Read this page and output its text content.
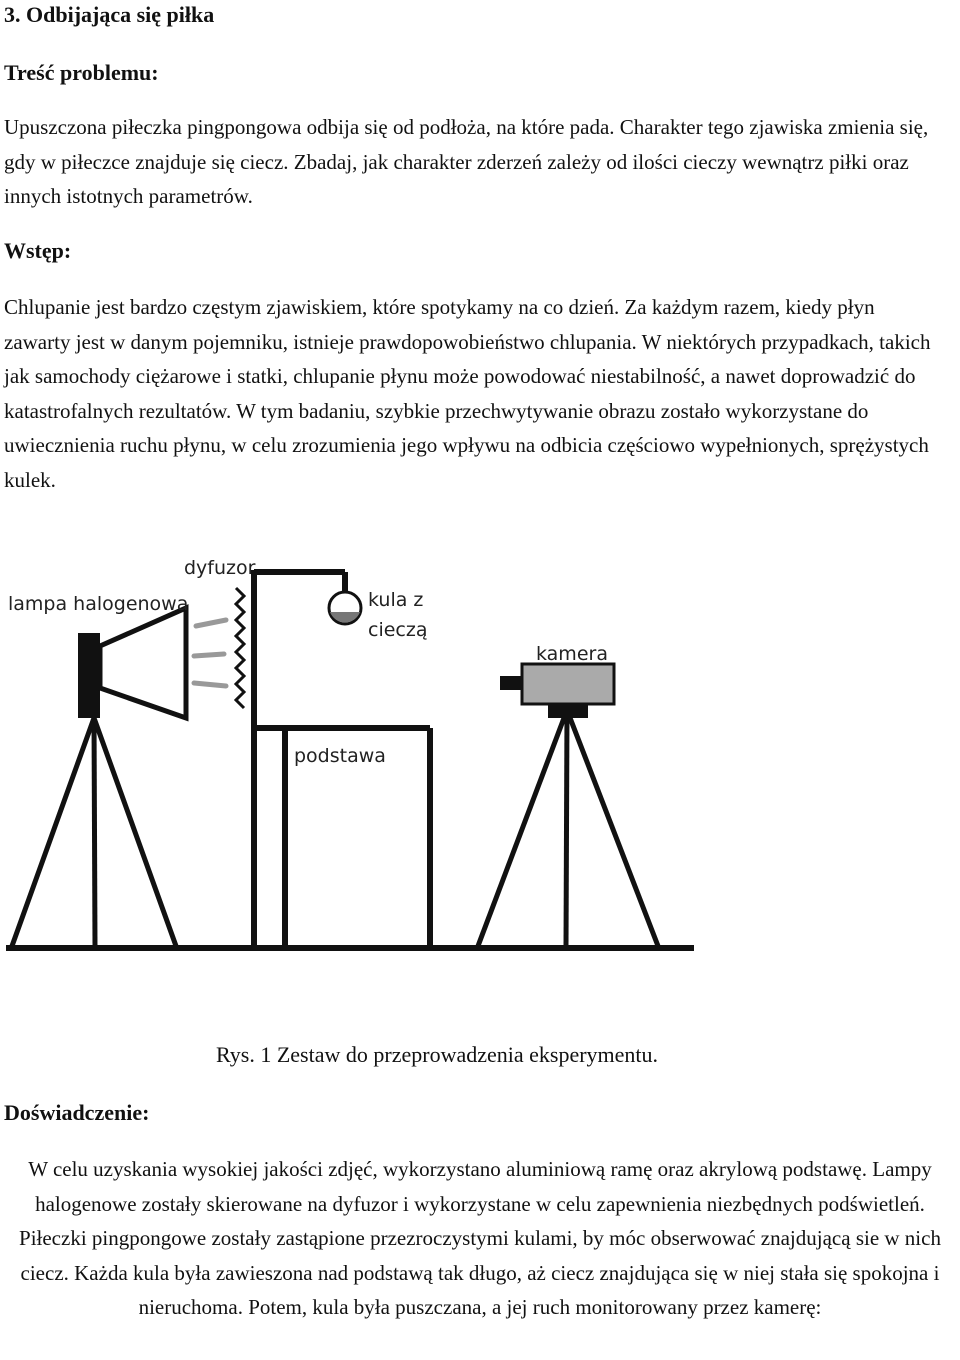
3. Odbijająca się piłka
Treść problemu:

Upuszczona piłeczka pingpongowa odbija się od podłoża, na które pada. Charakter tego zjawiska zmienia się, gdy w piłeczce znajduje się ciecz. Zbadaj, jak charakter zderzeń zależy od ilości cieczy wewnątrz piłki oraz innych istotnych parametrów.

Wstęp:

Chlupanie jest bardzo częstym zjawiskiem, które spotykamy na co dzień. Za każdym razem, kiedy płyn zawarty jest w danym pojemniku, istnieje prawdopowobieństwo chlupania. W niektórych przypadkach, takich jak samochody ciężarowe i statki, chlupanie płynu może powodować niestabilność, a nawet doprowadzić do katastrofalnych rezultatów. W tym badaniu, szybkie przechwytywanie obrazu zostało wykorzystane do uwiecznienia ruchu płynu, w celu zrozumienia jego wpływu na odbicia częściowo wypełnionych, sprężystych kulek.

lampa halogenowa
dyfuzor
kula z
cieczą
kamera
podstawa

Rys. 1 Zestaw do przeprowadzenia eksperymentu.

Doświadczenie:

W celu uzyskania wysokiej jakości zdjęć, wykorzystano aluminiową ramę oraz akrylową podstawę. Lampy halogenowe zostały skierowane na dyfuzor i wykorzystane w celu zapewnienia niezbędnych podświetleń. Piłeczki pingpongowe zostały zastąpione przezroczystymi kulami, by móc obserwować znajdującą sie w nich ciecz. Każda kula była zawieszona nad podstawą tak długo, aż ciecz znajdująca się w niej stała się spokojna i nieruchoma. Potem, kula była puszczana, a jej ruch monitorowany przez kamerę:
